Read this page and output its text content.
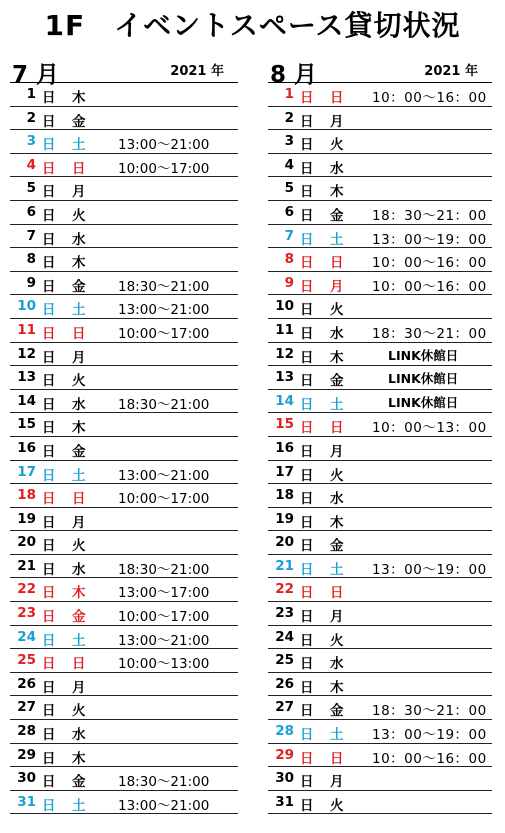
1F　イベントスペース貸切状況
7 月	2021 年
1 日 木
2 日 金
3 日 土 13:00～21:00
4 日 日 10:00～17:00
5 日 月
6 日 火
7 日 水
8 日 木
9 日 金 18:30～21:00
10 日 土 13:00～21:00
11 日 日 10:00～17:00
12 日 月
13 日 火
14 日 水 18:30～21:00
15 日 木
16 日 金
17 日 土 13:00～21:00
18 日 日 10:00～17:00
19 日 月
20 日 火
21 日 水 18:30～21:00
22 日 木 13:00～17:00
23 日 金 10:00～17:00
24 日 土 13:00～21:00
25 日 日 10:00～13:00
26 日 月
27 日 火
28 日 水
29 日 木
30 日 金 18:30～21:00
31 日 土 13:00～21:00
8 月	2021 年
1 日 日 10：00～16：00
2 日 月
3 日 火
4 日 水
5 日 木
6 日 金 18：30～21：00
7 日 土 13：00～19：00
8 日 日 10：00～16：00
9 日 月 10：00～16：00
10 日 火
11 日 水 18：30～21：00
12 日 木	LINK休館日
13 日 金	LINK休館日
14 日 土	LINK休館日
15 日 日 10：00～13：00
16 日 月
17 日 火
18 日 水
19 日 木
20 日 金
21 日 土 13：00～19：00
22 日 日
23 日 月
24 日 火
25 日 水
26 日 木
27 日 金 18：30～21：00
28 日 土 13：00～19：00
29 日 日 10：00～16：00
30 日 月
31 日 火
